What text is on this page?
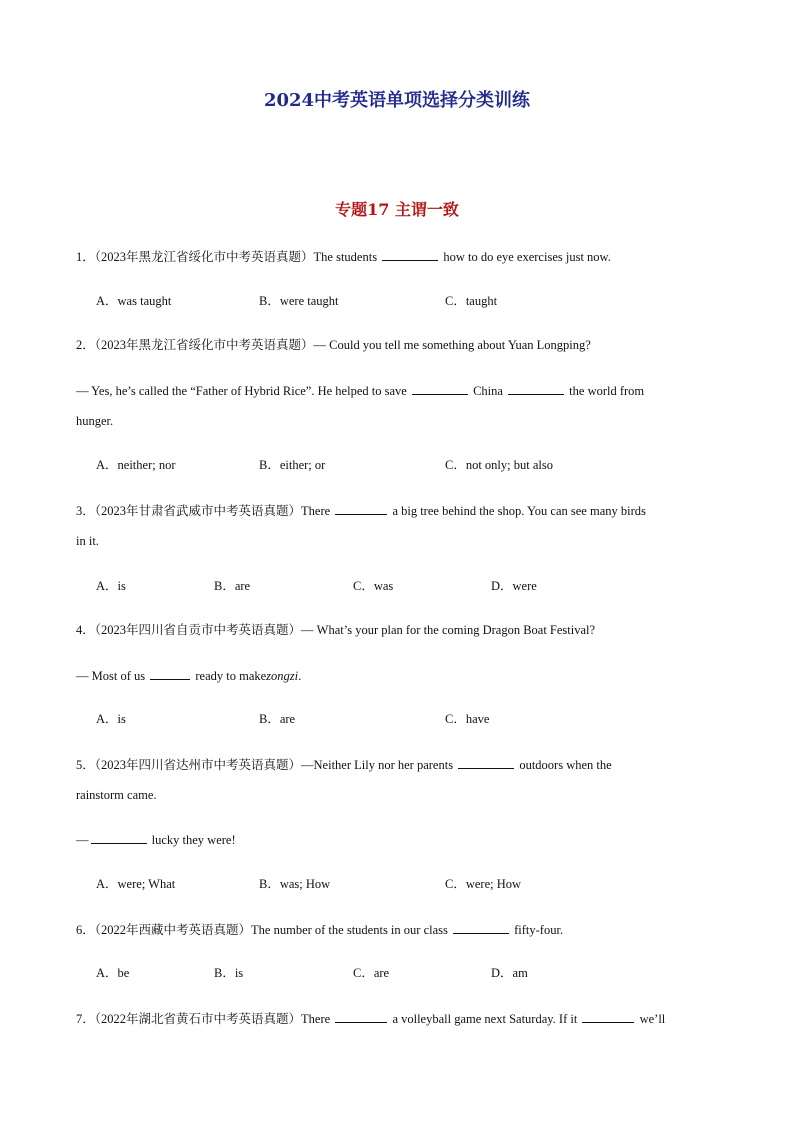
2024中考英语单项选择分类训练
专题17 主谓一致
1．（2023年黑龙江省绥化市中考英语真题）The students	how to do eye exercises just now.
A．was taught	B．were taught	C．taught
2．（2023年黑龙江省绥化市中考英语真题）— Could you tell me something about Yuan Longping?
— Yes, he’s called the “Father of Hybrid Rice”. He helped to save	China	the world from
hunger.
A．neither; nor	B．either; or	C．not only; but also
3．（2023年甘肃省武威市中考英语真题）There	a big tree behind the shop. You can see many birds
in it.
A．is	B．are	C．was	D．were
4．（2023年四川省自贡市中考英语真题）— What’s your plan for the coming Dragon Boat Festival?
— Most of us	ready to makezongzi.
A．is	B．are	C．have
5．（2023年四川省达州市中考英语真题）—Neither Lily nor her parents	outdoors when the
rainstorm came.
—	lucky they were!
A．were; What	B．was; How	C．were; How
6．（2022年西藏中考英语真题）The number of the students in our class	fifty-four.
A．be	B．is	C．are	D．am
7．（2022年湖北省黄石市中考英语真题）There	a volleyball game next Saturday. If it	we’ll
